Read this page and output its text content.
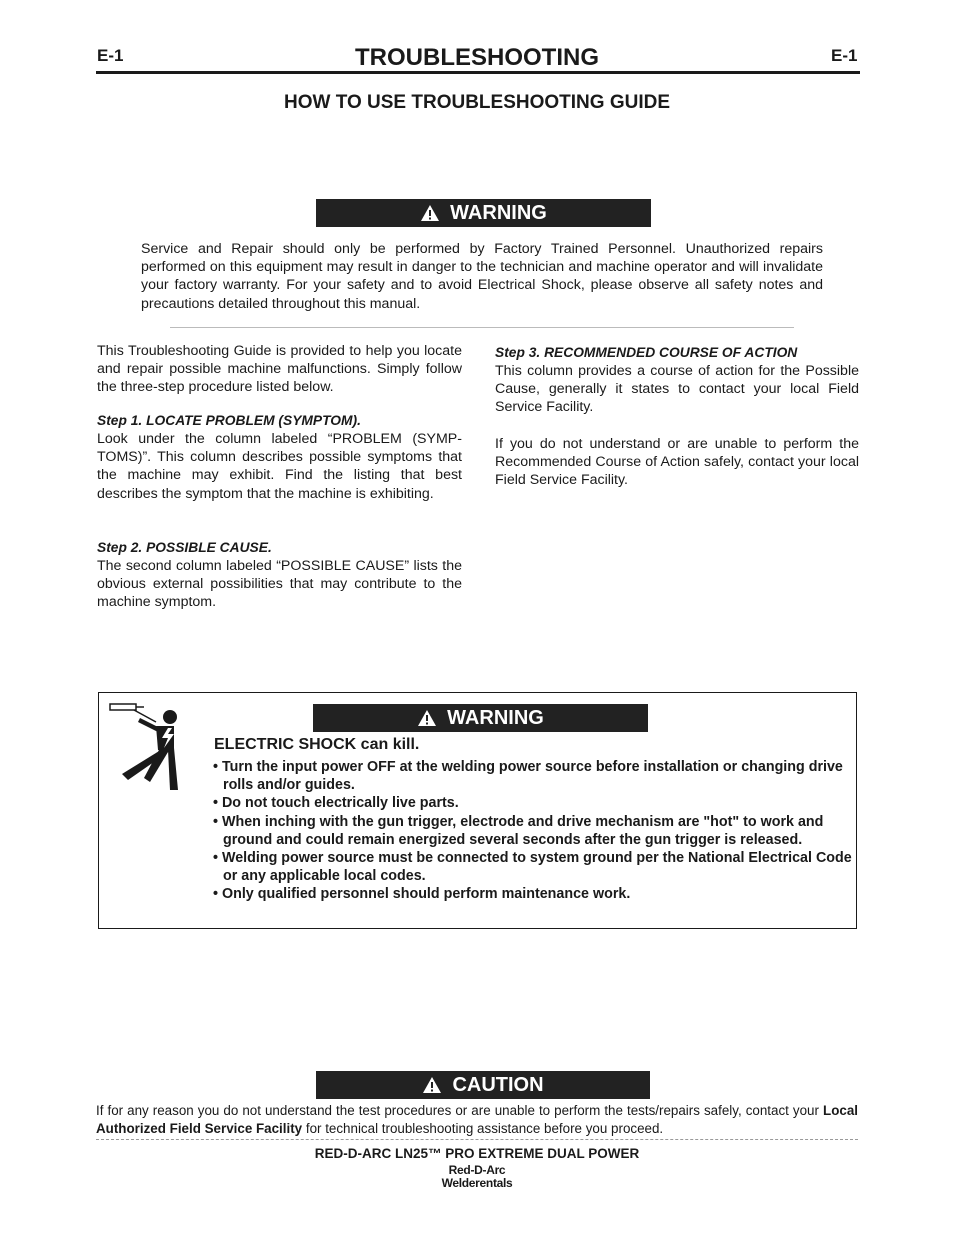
E-1	E-1
TROUBLESHOOTING
HOW TO USE TROUBLESHOOTING GUIDE
WARNING
Service and Repair should only be performed by Factory Trained Personnel. Unauthorized repairs performed on this equipment may result in danger to the technician and machine operator and will invalidate your factory warranty. For your safety and to avoid Electrical Shock, please observe all safety notes and precautions detailed throughout this manual.
This Troubleshooting Guide is provided to help you locate and repair possible machine malfunctions. Simply follow the three-step procedure listed below.
Step 1. LOCATE PROBLEM (SYMPTOM).
Look under the column labeled “PROBLEM (SYMP-TOMS)”. This column describes possible symptoms that the machine may exhibit. Find the listing that best describes the symptom that the machine is exhibiting.
Step 2. POSSIBLE CAUSE.
The second column labeled “POSSIBLE CAUSE” lists the obvious external possibilities that may contribute to the machine symptom.
Step 3. RECOMMENDED COURSE OF ACTION
This column provides a course of action for the Possible Cause, generally it states to contact your local Field Service Facility.
If you do not understand or are unable to perform the Recommended Course of Action safely, contact your local Field Service Facility.
WARNING
ELECTRIC SHOCK can kill.
• Turn the input power OFF at the welding power source before installation or changing drive rolls and/or guides.
• Do not touch electrically live parts.
• When inching with the gun trigger, electrode and drive mechanism are "hot" to work and ground and could remain energized several seconds after the gun trigger is released.
• Welding power source must be connected to system ground per the National Electrical Code or any applicable local codes.
• Only qualified personnel should perform maintenance work.
CAUTION
If for any reason you do not understand the test procedures or are unable to perform the tests/repairs safely, contact your Local Authorized Field Service Facility for technical troubleshooting assistance before you proceed.
RED-D-ARC LN25™ PRO EXTREME DUAL POWER
Red-D-Arc
Welderentals
